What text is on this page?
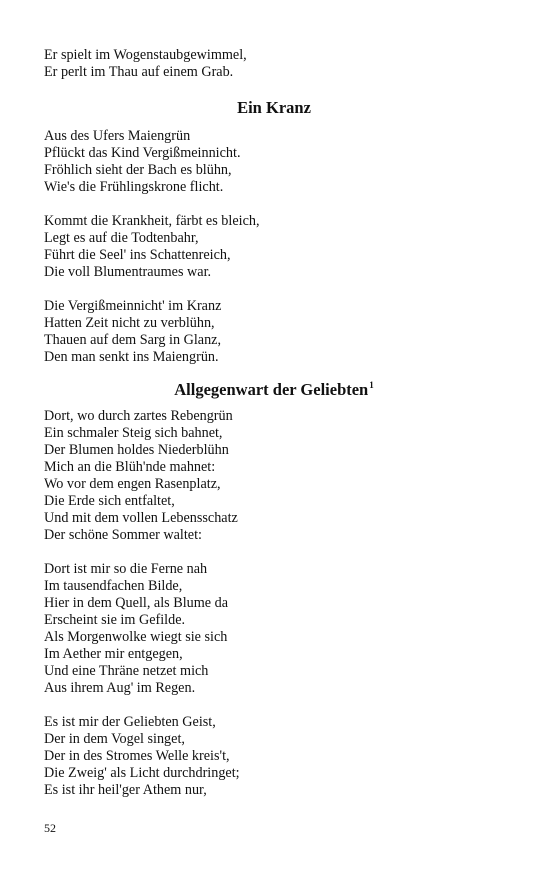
Er spielt im Wogenstaubgewimmel,
Er perlt im Thau auf einem Grab.
Ein Kranz
Aus des Ufers Maiengrün
Pflückt das Kind Vergißmeinnicht.
Fröhlich sieht der Bach es blühn,
Wie's die Frühlingskrone flicht.
Kommt die Krankheit, färbt es bleich,
Legt es auf die Todtenbahr,
Führt die Seel' ins Schattenreich,
Die voll Blumentraumes war.
Die Vergißmeinnicht' im Kranz
Hatten Zeit nicht zu verblühn,
Thauen auf dem Sarg in Glanz,
Den man senkt ins Maiengrün.
Allgegenwart der Geliebten$^1$
Dort, wo durch zartes Rebengrün
Ein schmaler Steig sich bahnet,
Der Blumen holdes Niederblühn
Mich an die Blüh'nde mahnet:
Wo vor dem engen Rasenplatz,
Die Erde sich entfaltet,
Und mit dem vollen Lebensschatz
Der schöne Sommer waltet:
Dort ist mir so die Ferne nah
Im tausendfachen Bilde,
Hier in dem Quell, als Blume da
Erscheint sie im Gefilde.
Als Morgenwolke wiegt sie sich
Im Aether mir entgegen,
Und eine Thräne netzet mich
Aus ihrem Aug' im Regen.
Es ist mir der Geliebten Geist,
Der in dem Vogel singet,
Der in des Stromes Welle kreis't,
Die Zweig' als Licht durchdringet;
Es ist ihr heil'ger Athem nur,
52
